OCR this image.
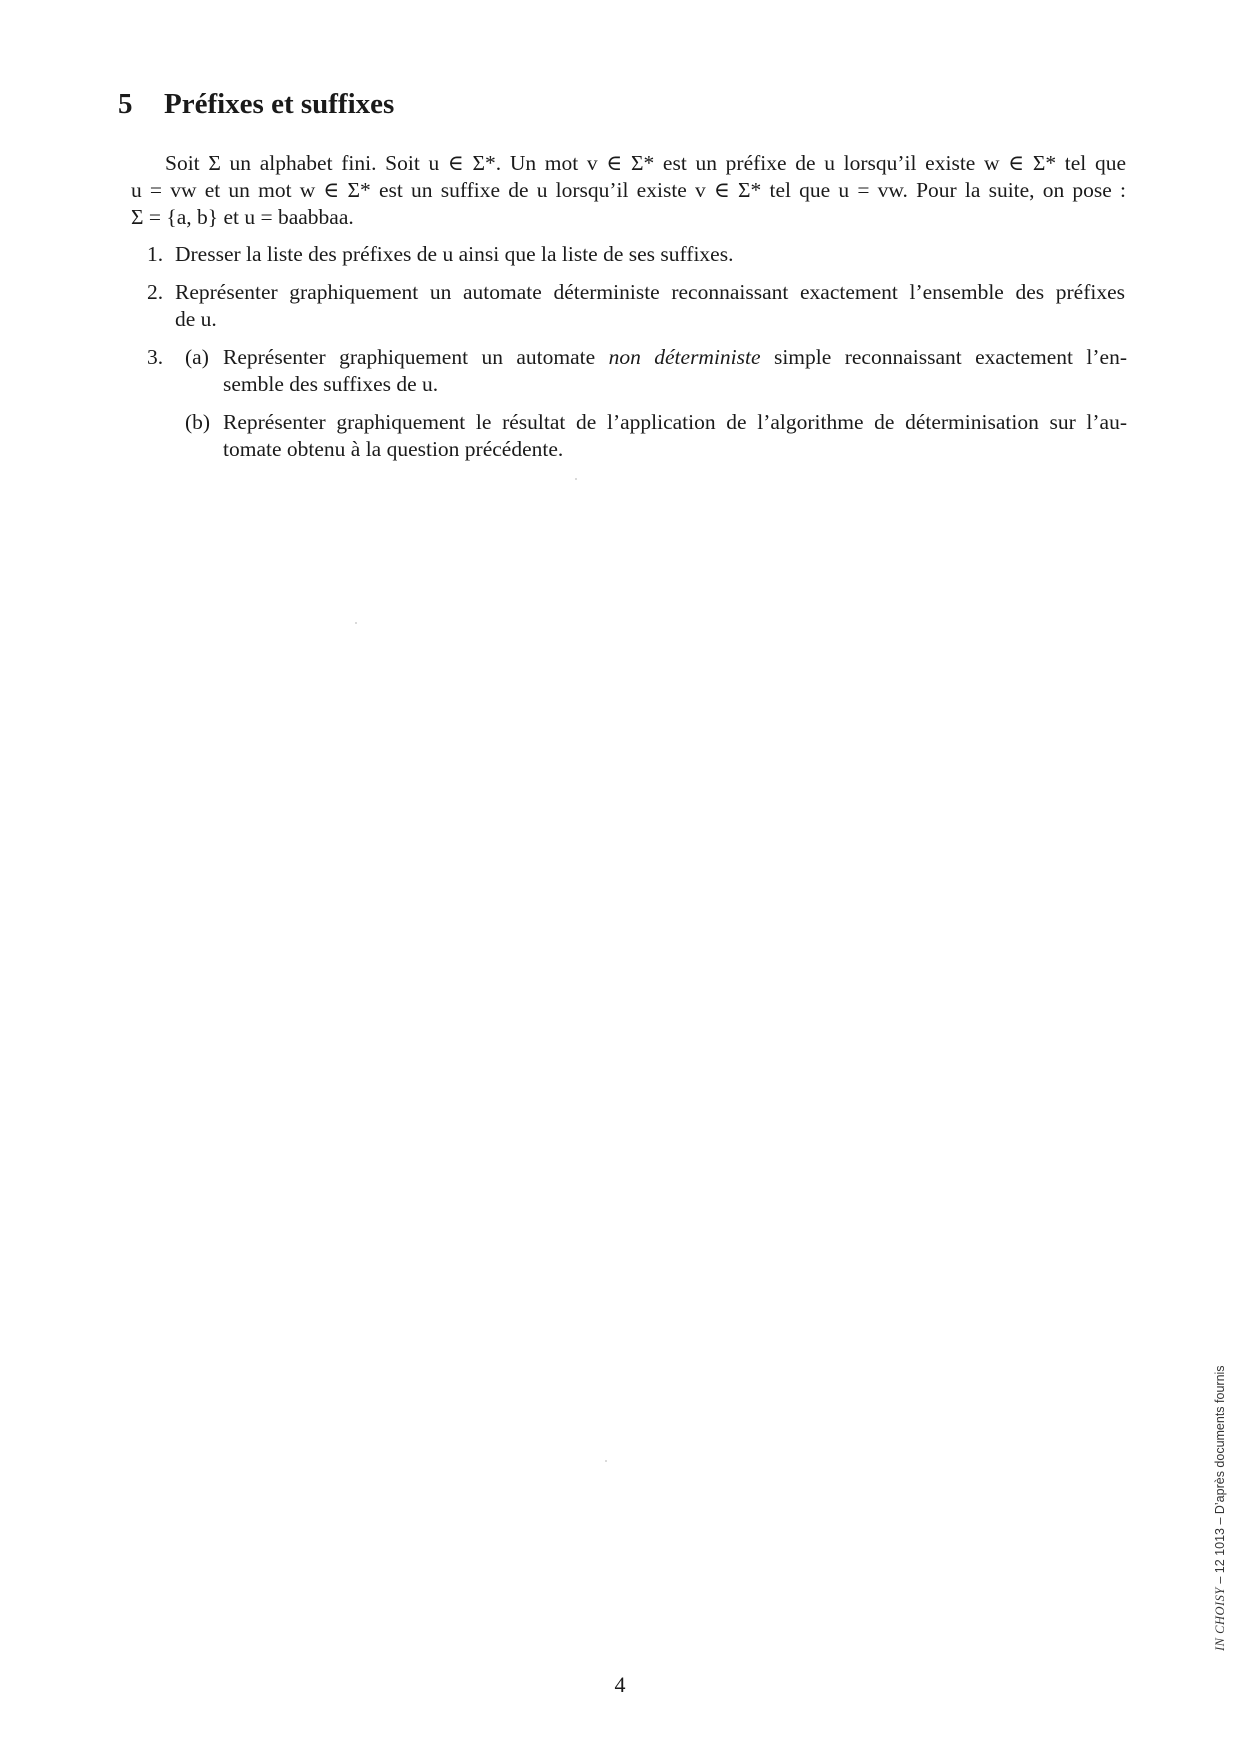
5 Préfixes et suffixes

Soit Σ un alphabet fini. Soit u ∈ Σ*. Un mot v ∈ Σ* est un préfixe de u lorsqu’il existe w ∈ Σ* tel que
u = vw et un mot w ∈ Σ* est un suffixe de u lorsqu’il existe v ∈ Σ* tel que u = vw. Pour la suite, on pose :
Σ = {a, b} et u = baabbaa.

1. Dresser la liste des préfixes de u ainsi que la liste de ses suffixes.
2. Représenter graphiquement un automate déterministe reconnaissant exactement l’ensemble des préfixes
de u.
3. (a) Représenter graphiquement un automate non déterministe simple reconnaissant exactement l’en-
semble des suffixes de u.
(b) Représenter graphiquement le résultat de l’application de l’algorithme de déterminisation sur l’au-
tomate obtenu à la question précédente.
4
IN CHOISY – 12 1013 – D’après documents fournis
